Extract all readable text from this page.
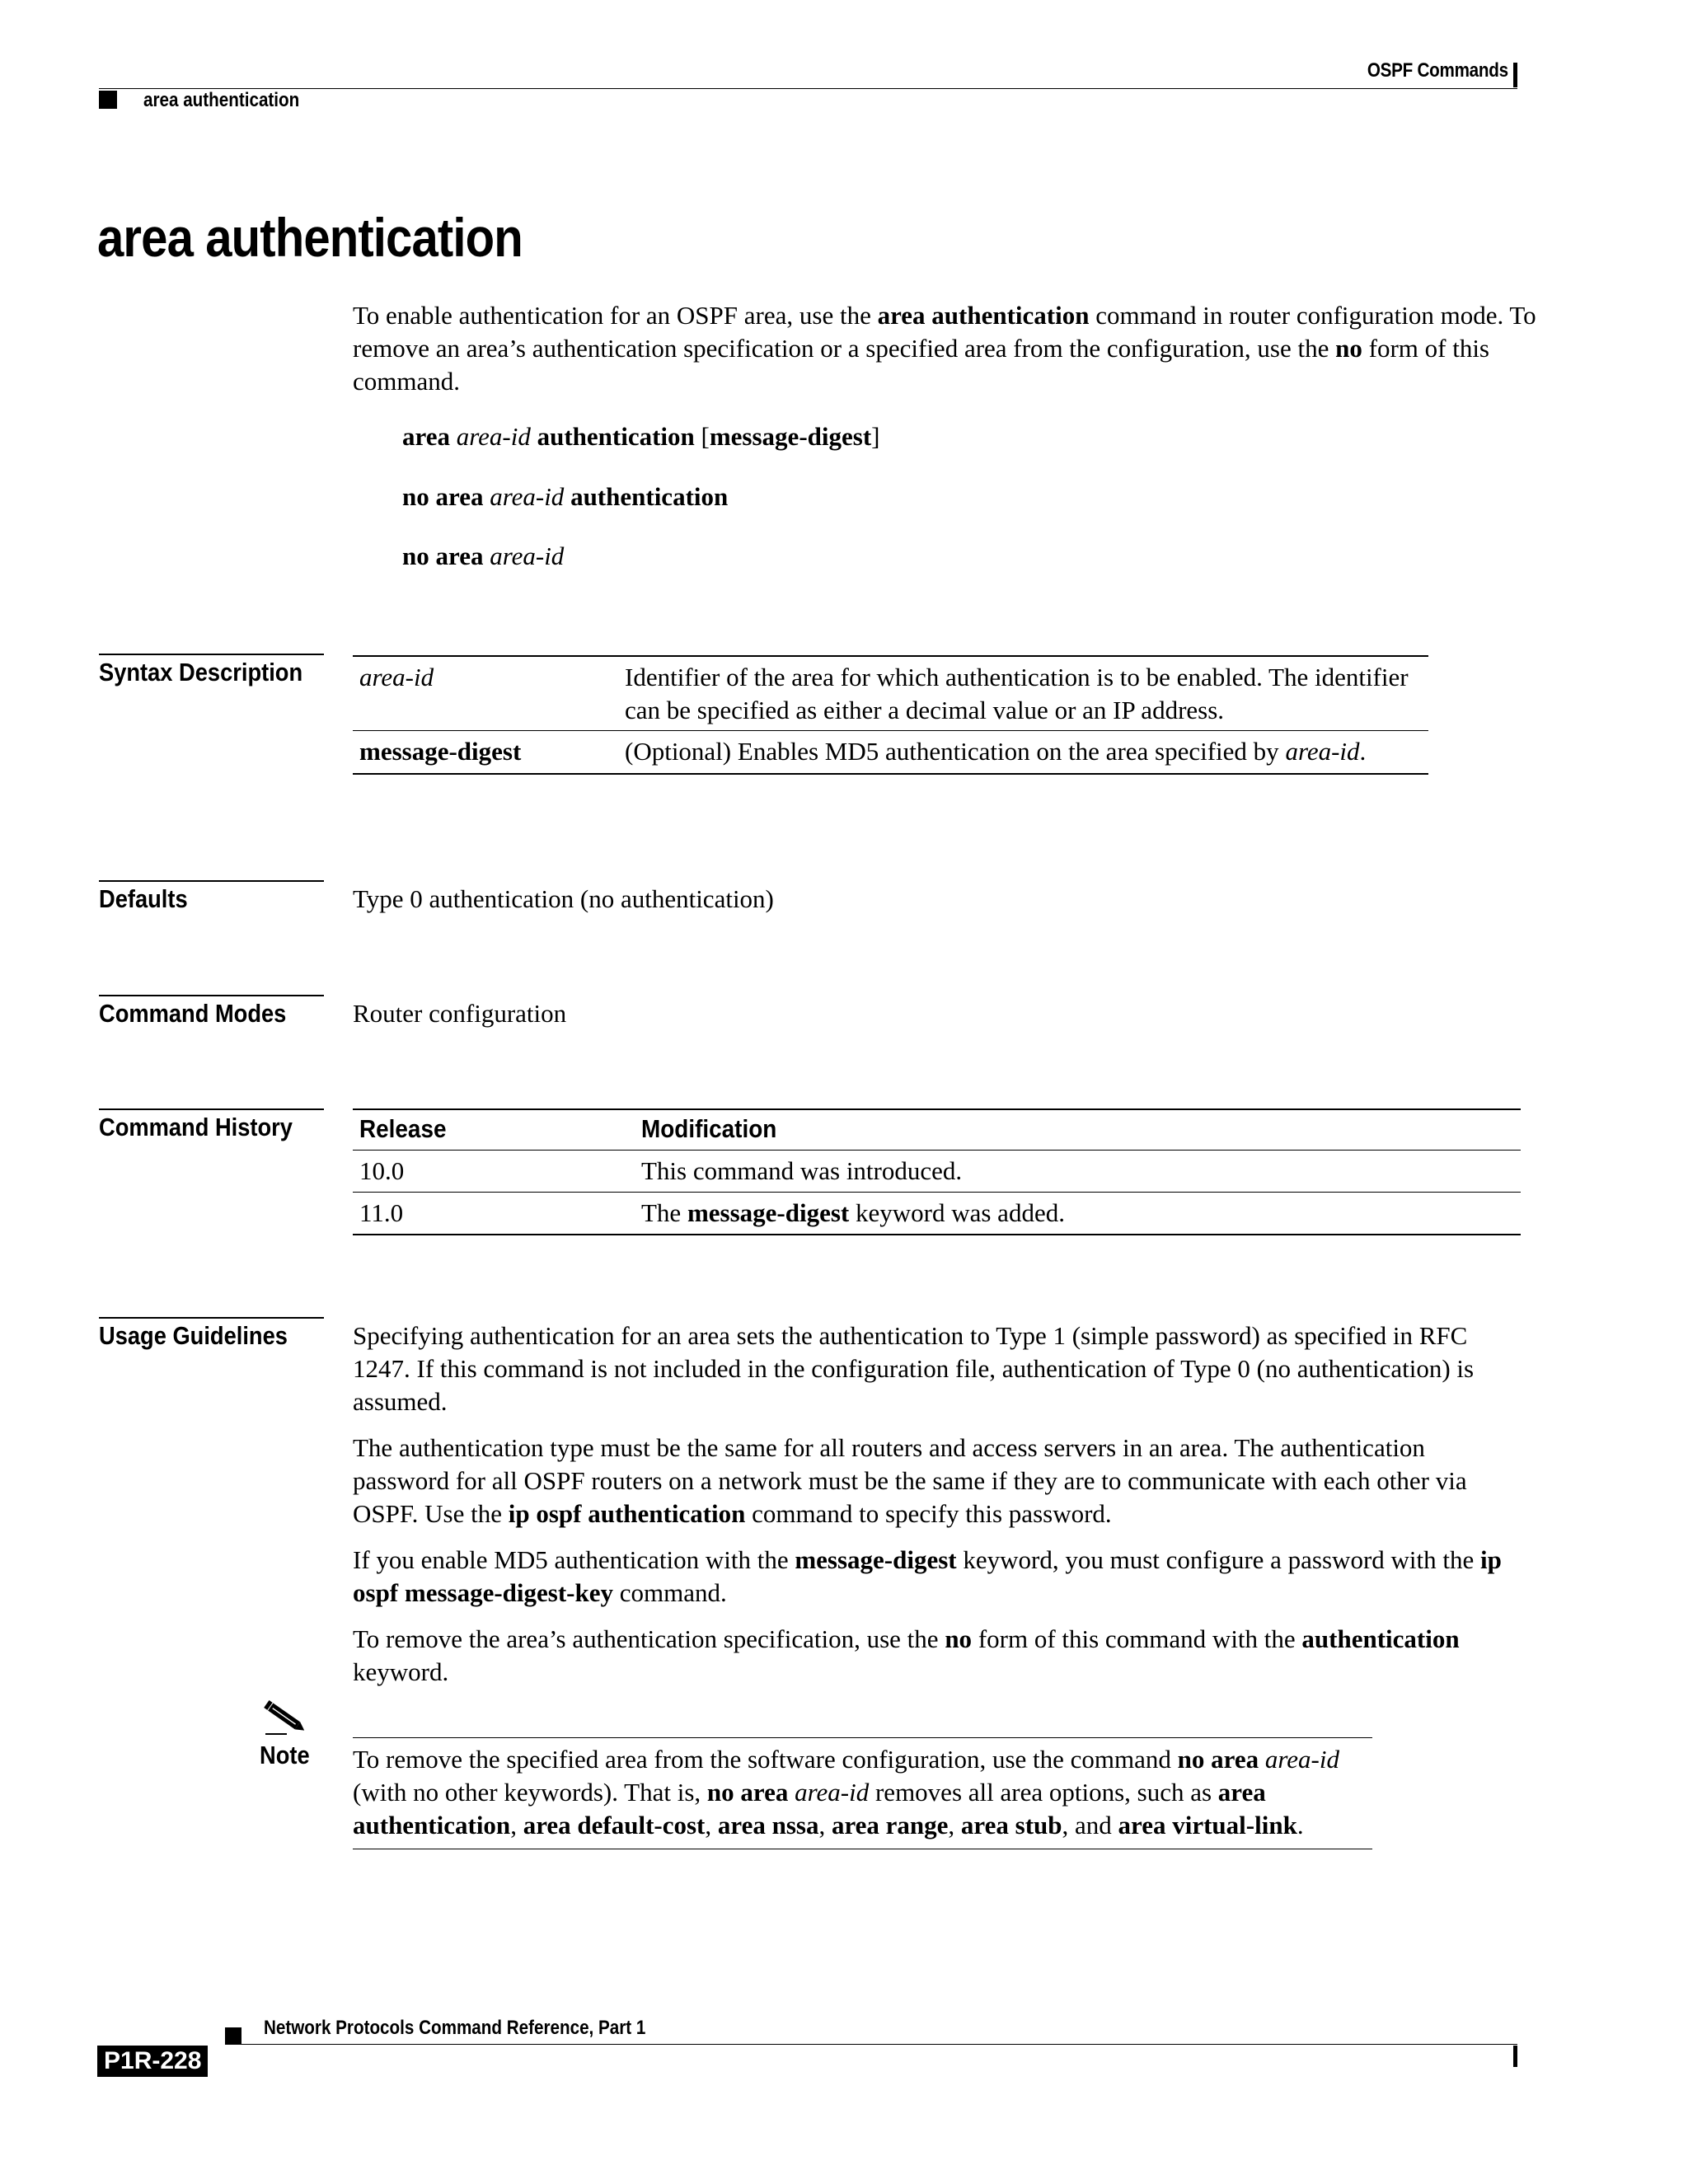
OSPF Commands
area authentication
area authentication
To enable authentication for an OSPF area, use the area authentication command in router configuration mode. To remove an area’s authentication specification or a specified area from the configuration, use the no form of this command.
area area-id authentication [message-digest]
no area area-id authentication
no area area-id
Syntax Description area-id	Identifier of the area for which authentication is to be enabled. The identifier can be specified as either a decimal value or an IP address.
message-digest	(Optional) Enables MD5 authentication on the area specified by area-id.
Defaults	Type 0 authentication (no authentication)
Command Modes	Router configuration
Command History	Release	Modification
10.0	This command was introduced.
11.0	The message-digest keyword was added.
Usage Guidelines	Specifying authentication for an area sets the authentication to Type 1 (simple password) as specified in RFC 1247. If this command is not included in the configuration file, authentication of Type 0 (no authentication) is assumed.

The authentication type must be the same for all routers and access servers in an area. The authentication password for all OSPF routers on a network must be the same if they are to communicate with each other via OSPF. Use the ip ospf authentication command to specify this password.

If you enable MD5 authentication with the message-digest keyword, you must configure a password with the ip ospf message-digest-key command.

To remove the area’s authentication specification, use the no form of this command with the authentication keyword.

Note To remove the specified area from the software configuration, use the command no area area-id (with no other keywords). That is, no area area-id removes all area options, such as area authentication, area default-cost, area nssa, area range, area stub, and area virtual-link.
Network Protocols Command Reference, Part 1
P1R-228
